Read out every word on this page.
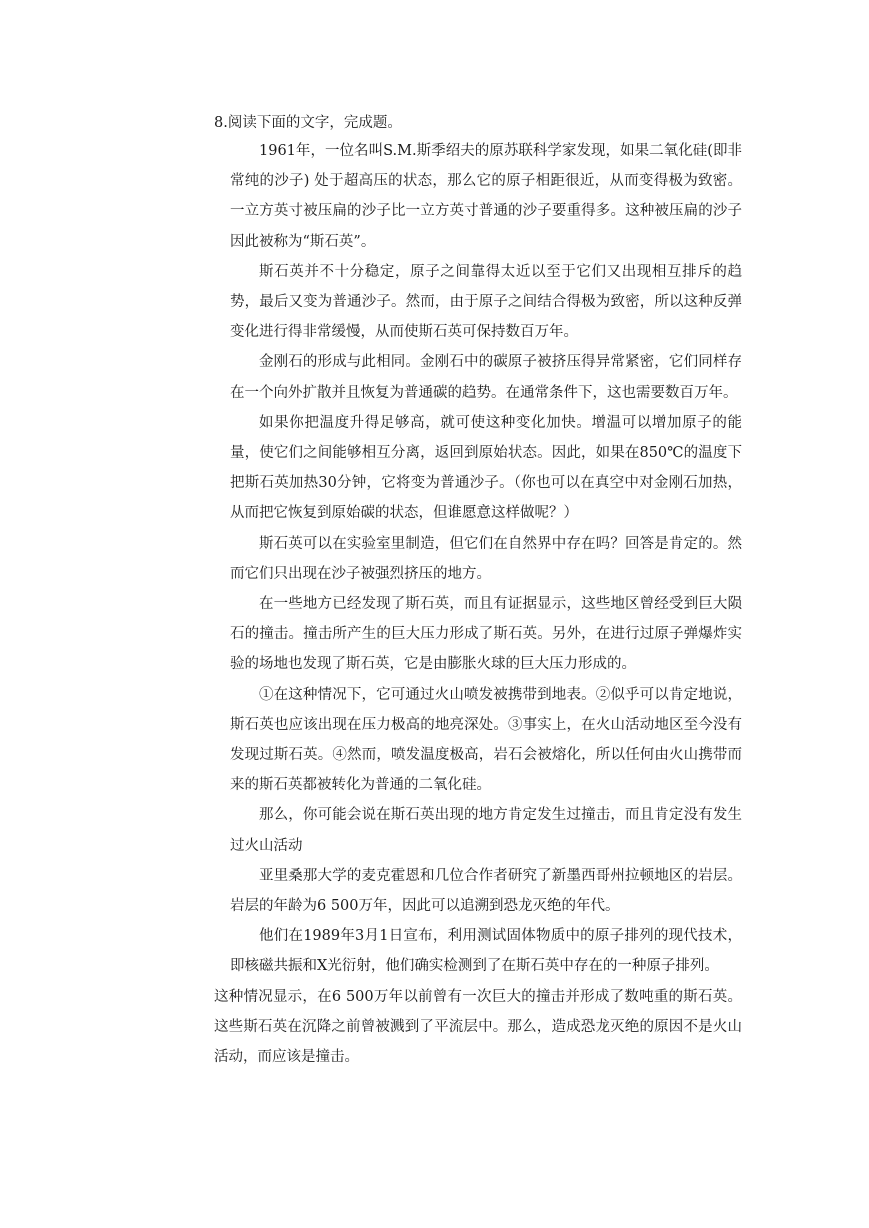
8.阅读下面的文字，完成题。

1961年，一位名叫S.M.斯季绍夫的原苏联科学家发现，如果二氧化硅(即非常纯的沙子) 处于超高压的状态，那么它的原子相距很近，从而变得极为致密。一立方英寸被压扁的沙子比一立方英寸普通的沙子要重得多。这种被压扁的沙子因此被称为“斯石英”。

斯石英并不十分稳定，原子之间靠得太近以至于它们又出现相互排斥的趋势，最后又变为普通沙子。然而，由于原子之间结合得极为致密，所以这种反弹变化进行得非常缓慢，从而使斯石英可保持数百万年。

金刚石的形成与此相同。金刚石中的碳原子被挤压得异常紧密，它们同样存在一个向外扩散并且恢复为普通碳的趋势。在通常条件下，这也需要数百万年。

如果你把温度升得足够高，就可使这种变化加快。增温可以增加原子的能量，使它们之间能够相互分离，返回到原始状态。因此，如果在850℃的温度下把斯石英加热30分钟，它将变为普通沙子。（你也可以在真空中对金刚石加热，从而把它恢复到原始碳的状态，但谁愿意这样做呢？）

斯石英可以在实验室里制造，但它们在自然界中存在吗？回答是肯定的。然而它们只出现在沙子被强烈挤压的地方。

在一些地方已经发现了斯石英，而且有证据显示，这些地区曾经受到巨大陨石的撞击。撞击所产生的巨大压力形成了斯石英。另外，在进行过原子弹爆炸实验的场地也发现了斯石英，它是由膨胀火球的巨大压力形成的。

①在这种情况下，它可通过火山喷发被携带到地表。②似乎可以肯定地说，斯石英也应该出现在压力极高的地亮深处。③事实上，在火山活动地区至今没有发现过斯石英。④然而，喷发温度极高，岩石会被熔化，所以任何由火山携带而来的斯石英都被转化为普通的二氧化硅。

那么，你可能会说在斯石英出现的地方肯定发生过撞击，而且肯定没有发生过火山活动

亚里桑那大学的麦克霍恩和几位合作者研究了新墨西哥州拉顿地区的岩层。岩层的年龄为6 500万年，因此可以追溯到恐龙灭绝的年代。

他们在1989年3月1日宣布，利用测试固体物质中的原子排列的现代技术，即核磁共振和X光衍射，他们确实检测到了在斯石英中存在的一种原子排列。

这种情况显示，在6 500万年以前曾有一次巨大的撞击并形成了数吨重的斯石英。这些斯石英在沉降之前曾被溅到了平流层中。那么，造成恐龙灭绝的原因不是火山活动，而应该是撞击。
